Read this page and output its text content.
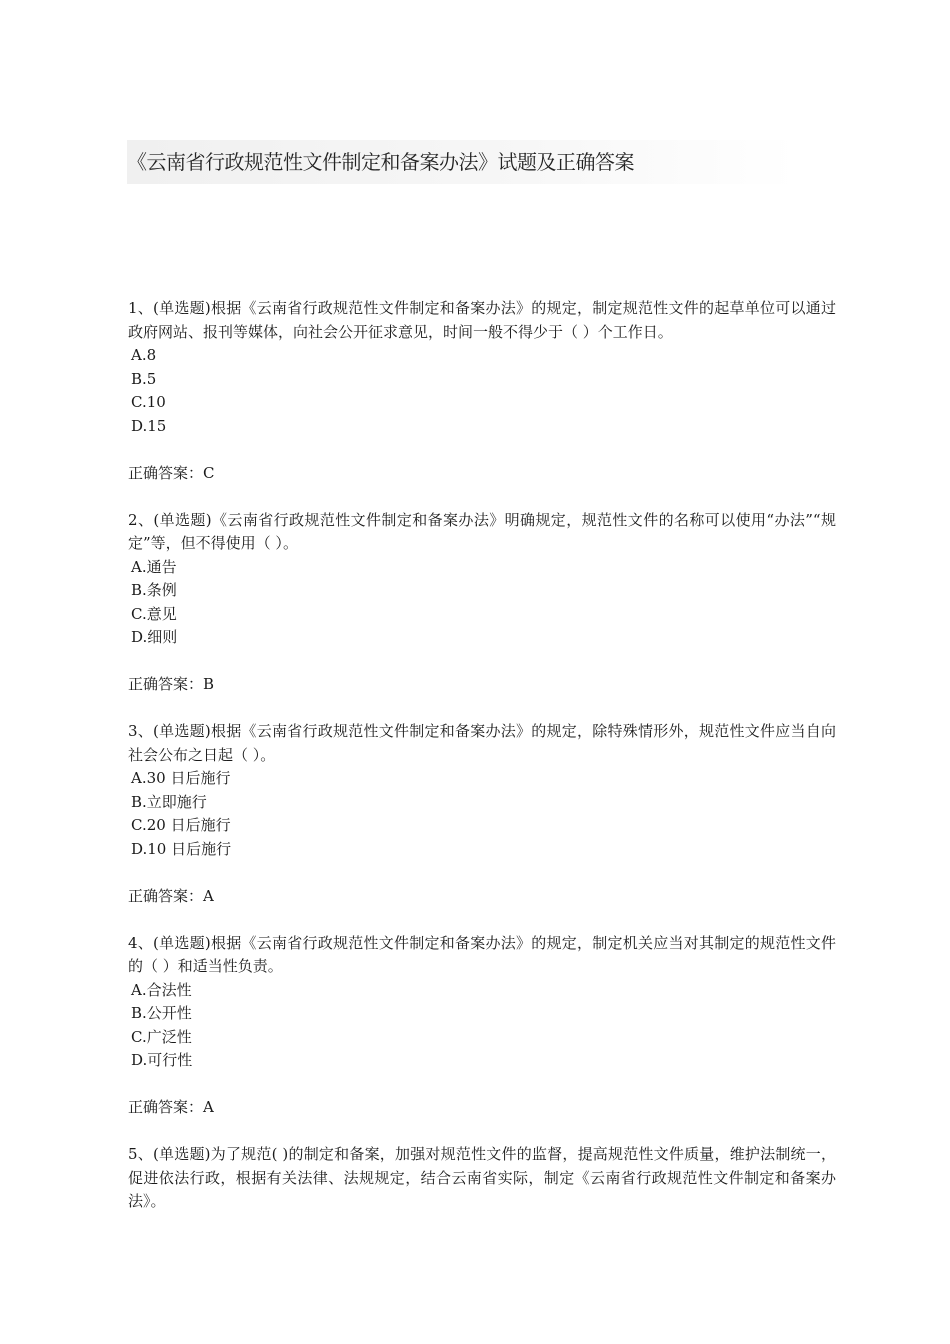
《云南省行政规范性文件制定和备案办法》试题及正确答案

1、(单选题)根据《云南省行政规范性文件制定和备案办法》的规定，制定规范性文件的起草单位可以通过政府网站、报刊等媒体，向社会公开征求意见，时间一般不得少于（ ）个工作日。

A.8
B.5
C.10
D.15

正确答案：C

2、(单选题)《云南省行政规范性文件制定和备案办法》明确规定，规范性文件的名称可以使用“办法”“规定”等，但不得使用（ ）。

A.通告
B.条例
C.意见
D.细则

正确答案：B

3、(单选题)根据《云南省行政规范性文件制定和备案办法》的规定，除特殊情形外，规范性文件应当自向社会公布之日起（ ）。

A.30 日后施行
B.立即施行
C.20 日后施行
D.10 日后施行

正确答案：A

4、(单选题)根据《云南省行政规范性文件制定和备案办法》的规定，制定机关应当对其制定的规范性文件的（ ）和适当性负责。

A.合法性
B.公开性
C.广泛性
D.可行性

正确答案：A

5、(单选题)为了规范( )的制定和备案，加强对规范性文件的监督，提高规范性文件质量，维护法制统一，促进依法行政，根据有关法律、法规规定，结合云南省实际，制定《云南省行政规范性文件制定和备案办法》。
